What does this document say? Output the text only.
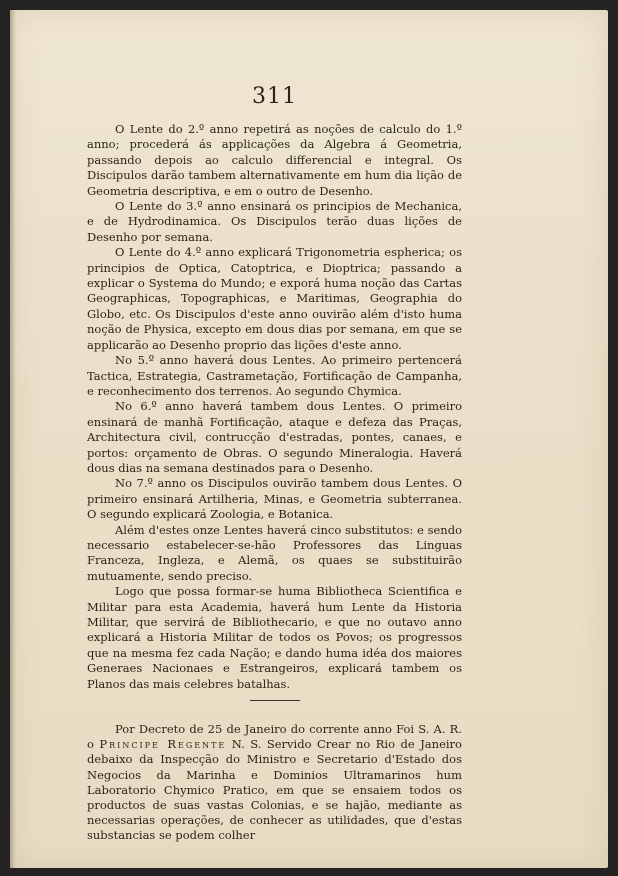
311

O Lente do 2.º anno repetirá as noções de calculo do 1.º anno; procederá ás applicações da Algebra á Geometria, passando depois ao calculo differencial e integral. Os Discipulos darão tambem alternativamente em hum dia lição de Geometria descriptiva, e em o outro de Desenho.

O Lente do 3.º anno ensinará os principios de Mechanica, e de Hydrodinamica. Os Discipulos terão duas lições de Desenho por semana.

O Lente do 4.º anno explicará Trigonometria espherica; os principios de Optica, Catoptrica, e Dioptrica; passando a explicar o Systema do Mundo; e exporá huma noção das Cartas Geographicas, Topographicas, e Maritimas, Geographia do Globo, etc. Os Discipulos d'este anno ouvirão além d'isto huma noção de Physica, excepto em dous dias por semana, em que se applicarão ao Desenho proprio das lições d'este anno.

No 5.º anno haverá dous Lentes. Ao primeiro pertencerá Tactica, Estrategia, Castrametação, Fortificação de Campanha, e reconhecimento dos terrenos. Ao segundo Chymica.

No 6.º anno haverá tambem dous Lentes. O primeiro ensinará de manhã Fortificação, ataque e defeza das Praças, Architectura civil, contrucção d'estradas, pontes, canaes, e portos: orçamento de Obras. O segundo Mineralogia. Haverá dous dias na semana destinados para o Desenho.

No 7.º anno os Discipulos ouvirão tambem dous Lentes. O primeiro ensinará Artilheria, Minas, e Geometria subterranea. O segundo explicará Zoologia, e Botanica.

Além d'estes onze Lentes haverá cinco substitutos: e sendo necessario estabelecer-se-hão Professores das Linguas Franceza, Ingleza, e Alemã, os quaes se substituirão mutuamente, sendo preciso.

Logo que possa formar-se huma Bibliotheca Scientifica e Militar para esta Academia, haverá hum Lente da Historia Militar, que servirá de Bibliothecario, e que no outavo anno explicará a Historia Militar de todos os Povos; os progressos que na mesma fez cada Nação; e dando huma idéa dos maiores Generaes Nacionaes e Estrangeiros, explicará tambem os Planos das mais celebres batalhas.

Por Decreto de 25 de Janeiro do corrente anno Foi S. A. R. o Principe Regente N. S. Servido Crear no Rio de Janeiro debaixo da Inspecção do Ministro e Secretario d'Estado dos Negocios da Marinha e Dominios Ultramarinos hum Laboratorio Chymico Pratico, em que se ensaiem todos os productos de suas vastas Colonias, e se hajão, mediante as necessarias operações, de conhecer as utilidades, que d'estas substancias se podem colher
